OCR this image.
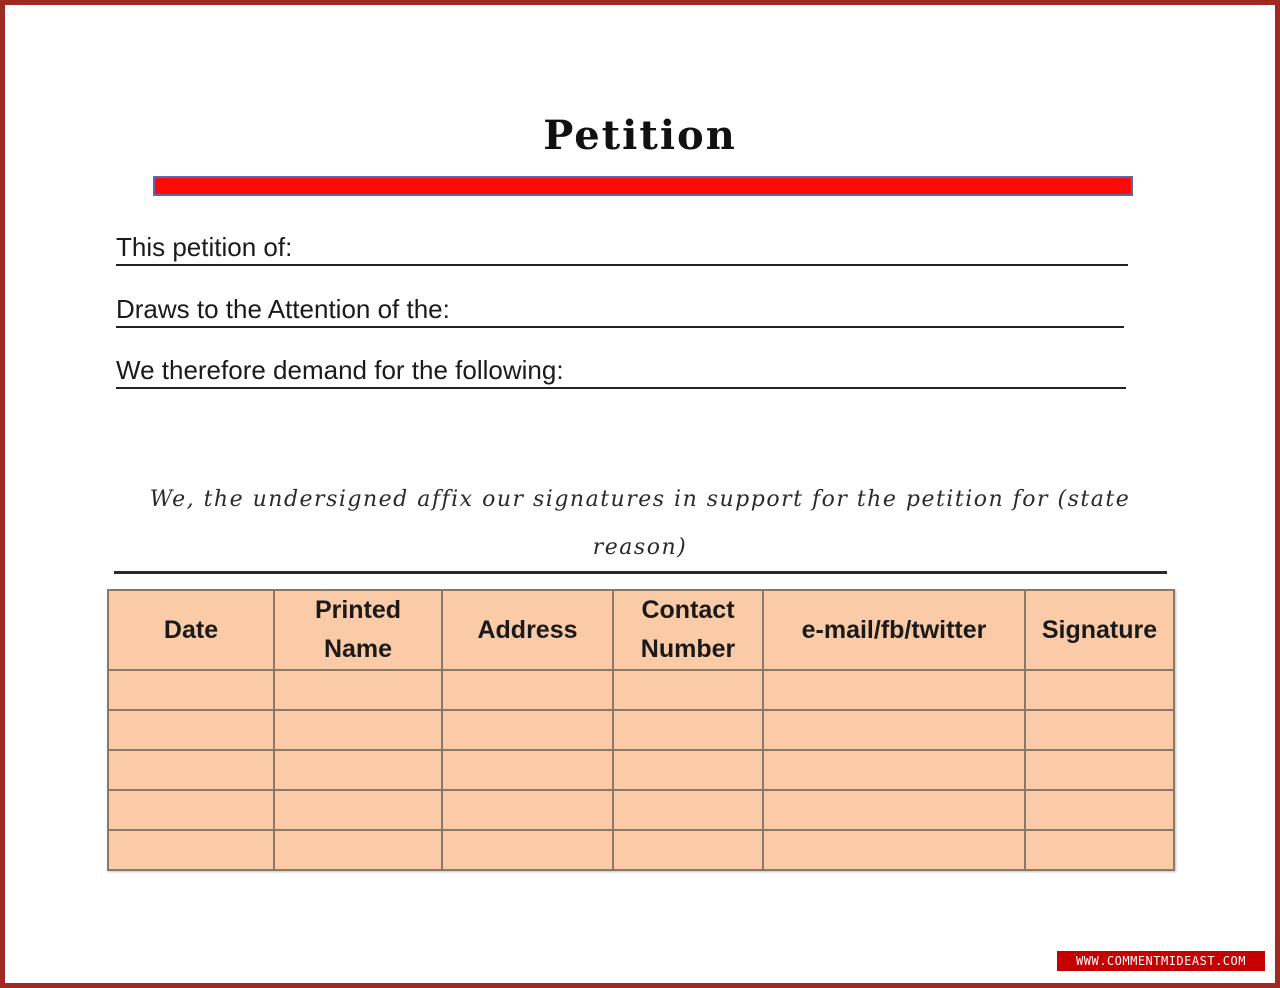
Petition
This petition of:
Draws to the Attention of the:
We therefore demand for the following:
We, the undersigned affix our signatures in support for the petition for (state reason)
Date	Printed Name	Address	Contact Number	e-mail/fb/twitter	Signature

WWW.COMMENTMIDEAST.COM
